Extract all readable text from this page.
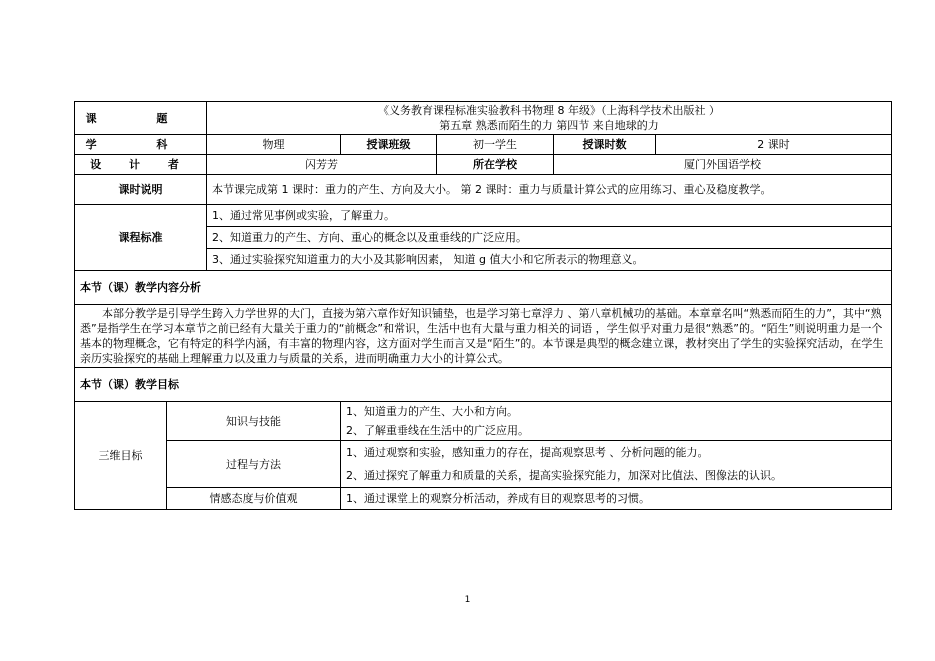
课 题		《义务教育课程标准实验教科书物理 8 年级》（上海科学技术出版社 ）
第五章 熟悉而陌生的力 第四节 来自地球的力				

学 科		物理	授课班级	初一学生	授课时数	2 课时
设 计 者		闪芳芳		所在学校	厦门外国语学校	
课时说明		本节课完成第 1 课时：重力的产生、方向及大小。 第 2 课时：重力与质量计算公式的应用练习、重心及稳度教学。				
课程标准		1、通过常见事例或实验，了解重力。
2、知道重力的产生、方向、重心的概念以及重垂线的广泛应用。
3、通过实验探究知道重力的大小及其影响因素， 知道 g 值大小和它所表示的物理意义。				

本节（课）教学内容分析						
本部分教学是引导学生跨入力学世界的大门，直接为第六章作好知识铺垫，也是学习第七章浮力 、第八章机械功的基础。本章章名叫“熟悉而陌生的力”，其中“熟悉”是指学生在学习本章节之前已经有大量关于重力的“前概念”和常识，生活中也有大量与重力相关的词语 ，学生似乎对重力是很“熟悉”的。“陌生”则说明重力是一个基本的物理概念，它有特定的科学内涵，有丰富的物理内容，这方面对学生而言又是“陌生”的。本节课是典型的概念建立课，教材突出了学生的实验探究活动，在学生亲历实验探究的基础上理解重力以及重力与质量的关系，进而明确重力大小的计算公式。						
本节（课）教学目标						
三维目标	知识与技能		1、知道重力的产生、大小和方向。
2、了解重垂线在生活中的广泛应用。			

	过程与方法		1、通过观察和实验，感知重力的存在，提高观察思考 、分析问题的能力。
2、通过探究了解重力和质量的关系，提高实验探究能力，加深对比值法、图像法的认识。			

	情感态度与价值观		1、通过课堂上的观察分析活动，养成有目的观察思考的习惯。			
1
